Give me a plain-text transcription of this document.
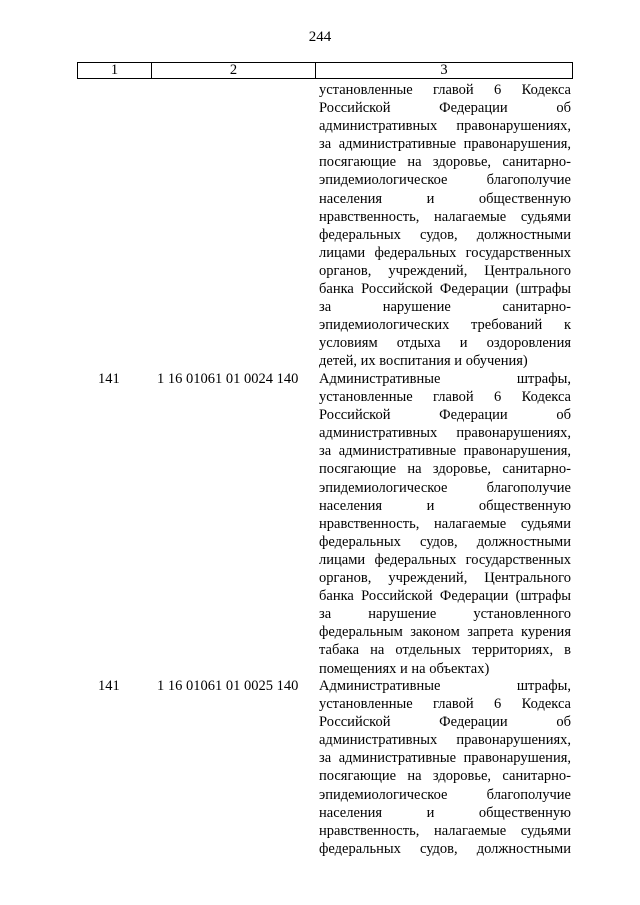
244
1	2	3
установленные главой 6 Кодекса
Российской Федерации об
административных правонарушениях,
за административные правонарушения,
посягающие на здоровье, санитарно-
эпидемиологическое благополучие
населения и общественную
нравственность, налагаемые судьями
федеральных судов, должностными
лицами федеральных государственных
органов, учреждений, Центрального
банка Российской Федерации (штрафы
за нарушение санитарно-
эпидемиологических требований к
условиям отдыха и оздоровления
детей, их воспитания и обучения)
141	1 16 01061 01 0024 140 Административные штрафы,
установленные главой 6 Кодекса
Российской Федерации об
административных правонарушениях,
за административные правонарушения,
посягающие на здоровье, санитарно-
эпидемиологическое благополучие
населения и общественную
нравственность, налагаемые судьями
федеральных судов, должностными
лицами федеральных государственных
органов, учреждений, Центрального
банка Российской Федерации (штрафы
за нарушение установленного
федеральным законом запрета курения
табака на отдельных территориях, в
помещениях и на объектах)
141	1 16 01061 01 0025 140 Административные штрафы,
установленные главой 6 Кодекса
Российской Федерации об
административных правонарушениях,
за административные правонарушения,
посягающие на здоровье, санитарно-
эпидемиологическое благополучие
населения и общественную
нравственность, налагаемые судьями
федеральных судов, должностными
